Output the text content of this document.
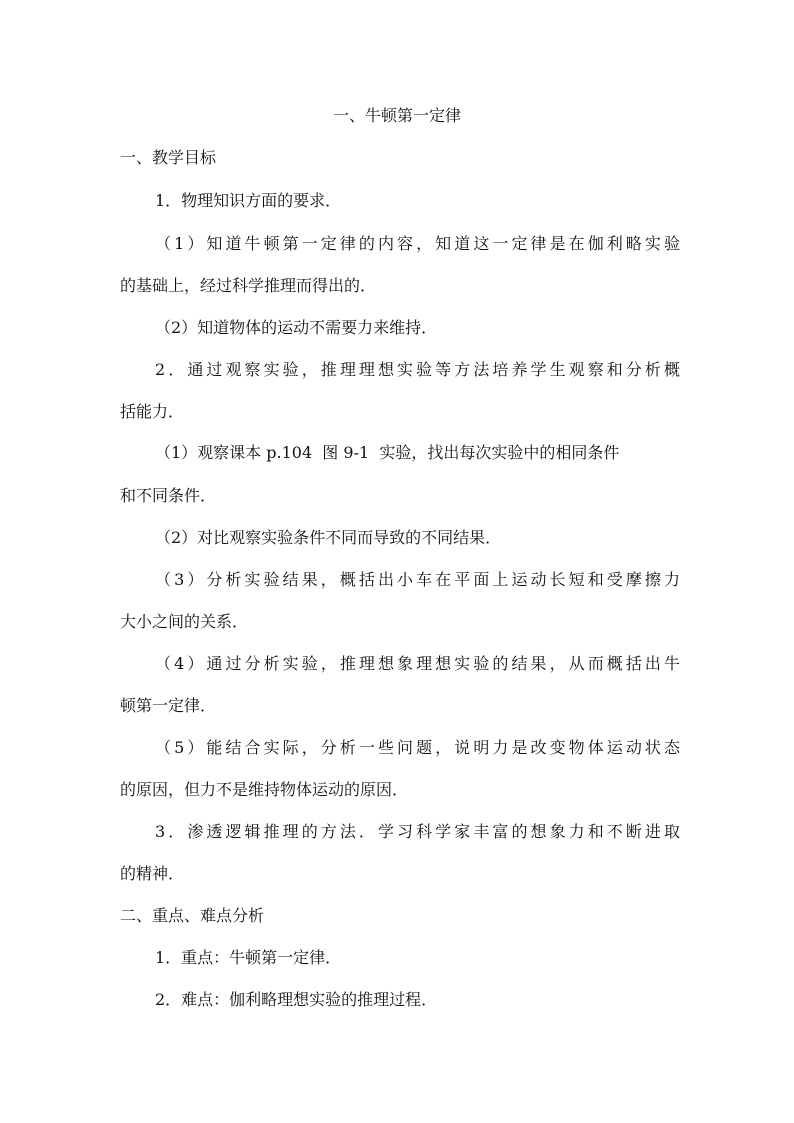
一、牛顿第一定律
一、教学目标
1．物理知识方面的要求．
（1）知道牛顿第一定律的内容，知道这一定律是在伽利略实验
的基础上，经过科学推理而得出的．
（2）知道物体的运动不需要力来维持．
2．通过观察实验，推理理想实验等方法培养学生观察和分析概
括能力．
（1）观察课本 p.104  图 9-1  实验，找出每次实验中的相同条件
和不同条件．
（2）对比观察实验条件不同而导致的不同结果．
（3）分析实验结果，概括出小车在平面上运动长短和受摩擦力
大小之间的关系．
（4）通过分析实验，推理想象理想实验的结果，从而概括出牛
顿第一定律．
（5）能结合实际，分析一些问题，说明力是改变物体运动状态
的原因，但力不是维持物体运动的原因．
3．渗透逻辑推理的方法．学习科学家丰富的想象力和不断进取
的精神．
二、重点、难点分析
1．重点：牛顿第一定律．
2．难点：伽利略理想实验的推理过程．
